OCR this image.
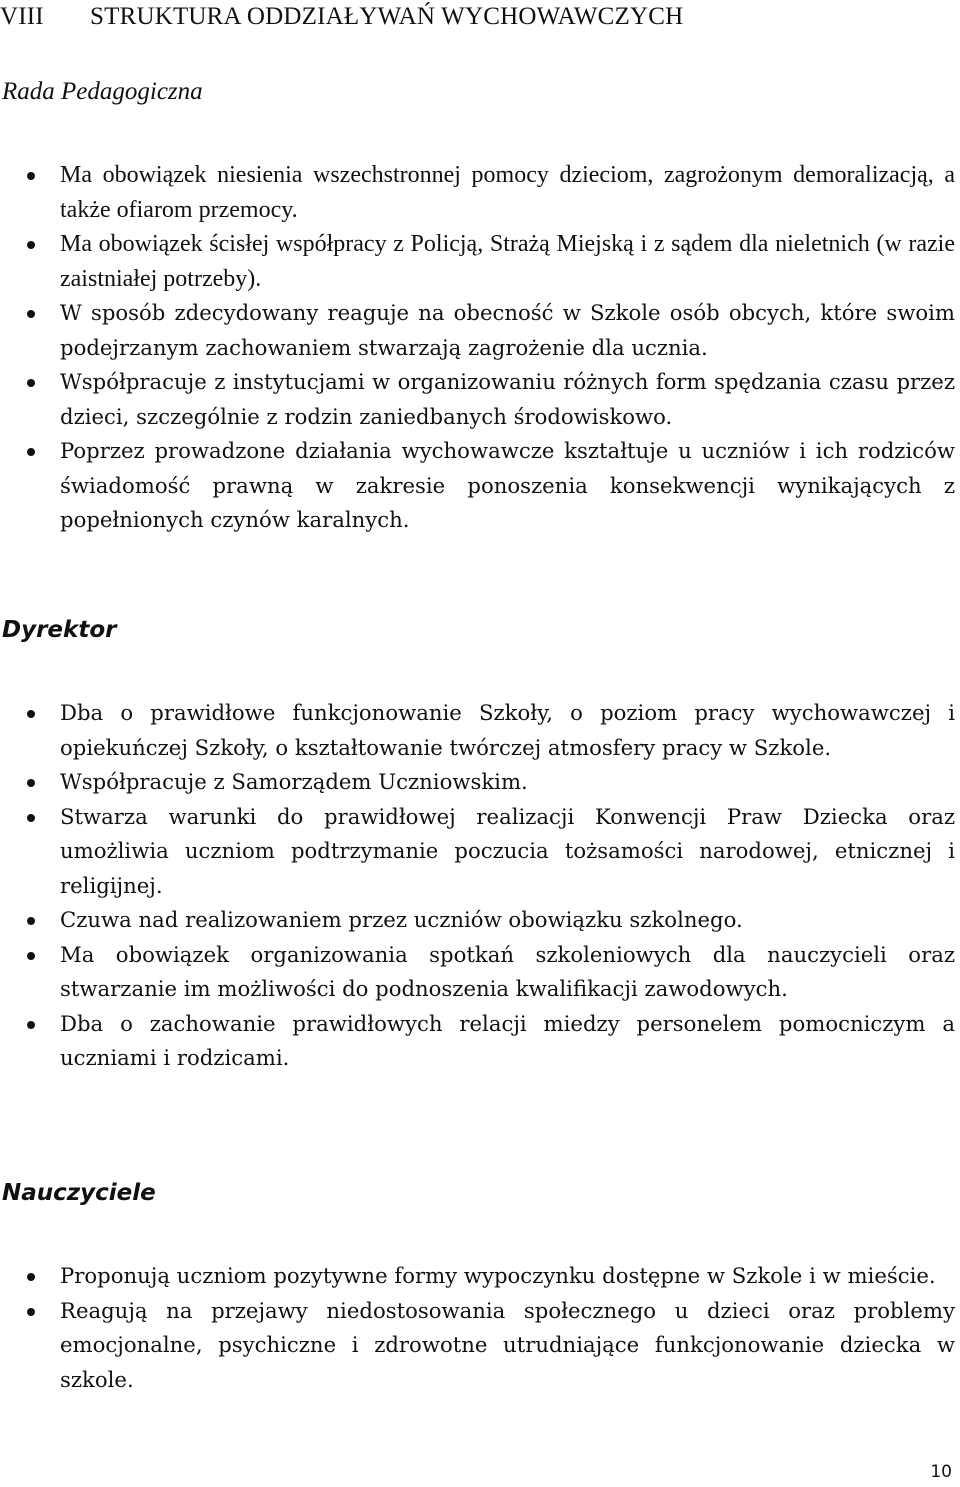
VIII	STRUKTURA ODDZIAŁYWAŃ WYCHOWAWCZYCH
Rada Pedagogiczna
Ma obowiązek niesienia wszechstronnej pomocy dzieciom, zagrożonym demoralizacją, a także ofiarom przemocy.
Ma obowiązek ścisłej współpracy z Policją, Strażą Miejską i z sądem dla nieletnich (w razie zaistniałej potrzeby).
W sposób zdecydowany reaguje na obecność w Szkole osób obcych, które swoim podejrzanym zachowaniem stwarzają zagrożenie dla ucznia.
Współpracuje z instytucjami w organizowaniu różnych form spędzania czasu przez dzieci, szczególnie z rodzin zaniedbanych środowiskowo.
Poprzez prowadzone działania wychowawcze kształtuje u uczniów i ich rodziców świadomość prawną w zakresie ponoszenia konsekwencji wynikających z popełnionych czynów karalnych.
Dyrektor
Dba o prawidłowe funkcjonowanie Szkoły, o poziom pracy wychowawczej i opiekuńczej Szkoły, o kształtowanie twórczej atmosfery pracy w Szkole.
Współpracuje z Samorządem Uczniowskim.
Stwarza warunki do prawidłowej realizacji Konwencji Praw Dziecka oraz umożliwia uczniom podtrzymanie poczucia tożsamości narodowej, etnicznej i religijnej.
Czuwa nad realizowaniem przez uczniów obowiązku szkolnego.
Ma obowiązek organizowania spotkań szkoleniowych dla nauczycieli oraz stwarzanie im możliwości do podnoszenia kwalifikacji zawodowych.
Dba o zachowanie prawidłowych relacji miedzy personelem pomocniczym a uczniami i rodzicami.
Nauczyciele
Proponują uczniom pozytywne formy wypoczynku dostępne w Szkole i w mieście.
Reagują na przejawy niedostosowania społecznego u dzieci oraz problemy emocjonalne, psychiczne i zdrowotne utrudniające funkcjonowanie dziecka w szkole.
10
